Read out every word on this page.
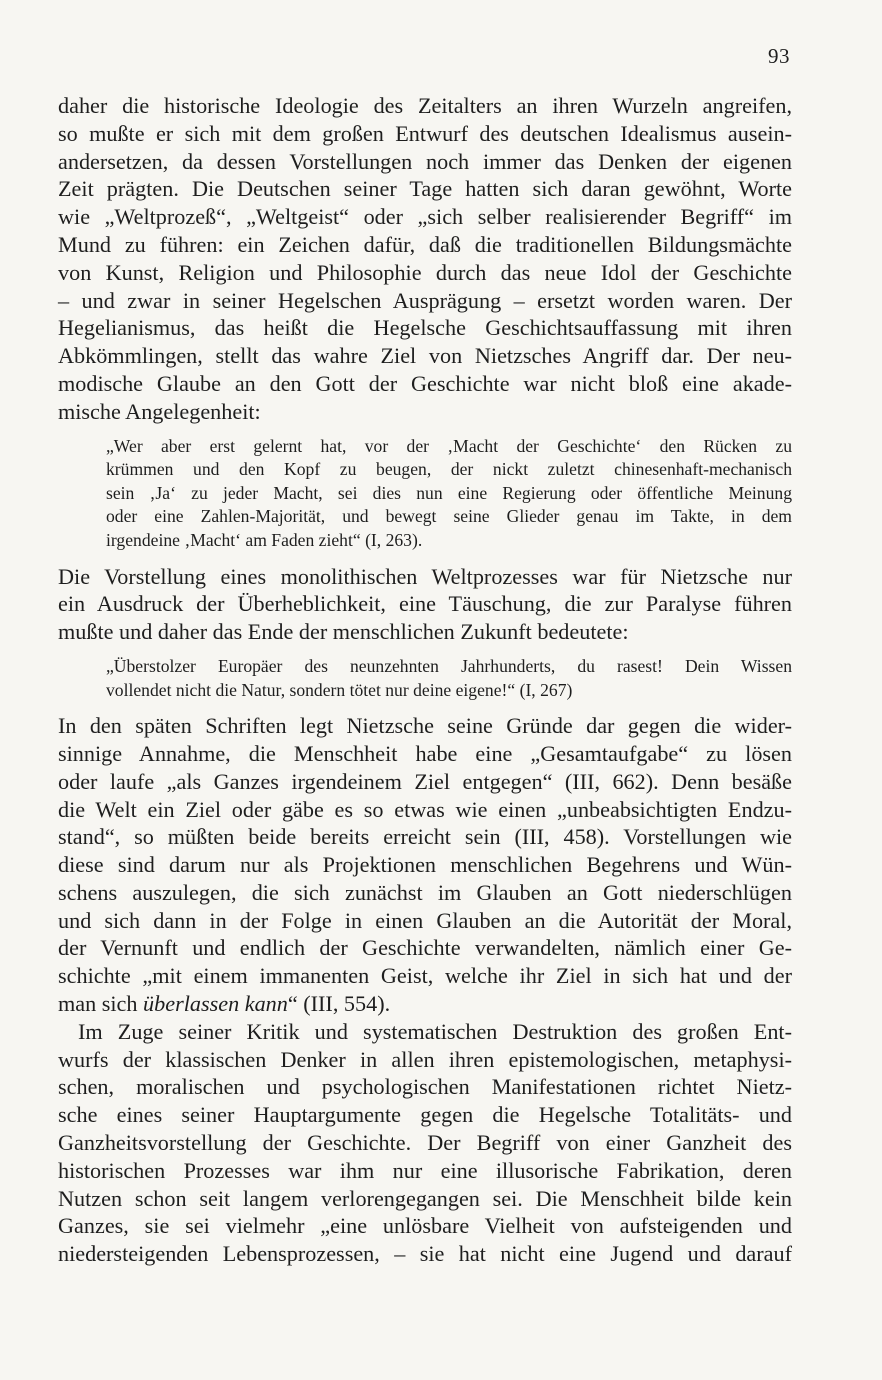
93
daher die historische Ideologie des Zeitalters an ihren Wurzeln angreifen,
so mußte er sich mit dem großen Entwurf des deutschen Idealismus ausein-
andersetzen, da dessen Vorstellungen noch immer das Denken der eigenen
Zeit prägten. Die Deutschen seiner Tage hatten sich daran gewöhnt, Worte
wie „Weltprozeß“, „Weltgeist“ oder „sich selber realisierender Begriff“ im
Mund zu führen: ein Zeichen dafür, daß die traditionellen Bildungsmächte
von Kunst, Religion und Philosophie durch das neue Idol der Geschichte
– und zwar in seiner Hegelschen Ausprägung – ersetzt worden waren. Der
Hegelianismus, das heißt die Hegelsche Geschichtsauffassung mit ihren
Abkömmlingen, stellt das wahre Ziel von Nietzsches Angriff dar. Der neu-
modische Glaube an den Gott der Geschichte war nicht bloß eine akade-
mische Angelegenheit:
„Wer aber erst gelernt hat, vor der ‚Macht der Geschichte‘ den Rücken zu
krümmen und den Kopf zu beugen, der nickt zuletzt chinesenhaft-mechanisch
sein ‚Ja‘ zu jeder Macht, sei dies nun eine Regierung oder öffentliche Meinung
oder eine Zahlen-Majorität, und bewegt seine Glieder genau im Takte, in dem
irgendeine ‚Macht‘ am Faden zieht“ (I, 263).
Die Vorstellung eines monolithischen Weltprozesses war für Nietzsche nur
ein Ausdruck der Überheblichkeit, eine Täuschung, die zur Paralyse führen
mußte und daher das Ende der menschlichen Zukunft bedeutete:
„Überstolzer Europäer des neunzehnten Jahrhunderts, du rasest! Dein Wissen
vollendet nicht die Natur, sondern tötet nur deine eigene!“ (I, 267)
In den späten Schriften legt Nietzsche seine Gründe dar gegen die wider-
sinnige Annahme, die Menschheit habe eine „Gesamtaufgabe“ zu lösen
oder laufe „als Ganzes irgendeinem Ziel entgegen“ (III, 662). Denn besäße
die Welt ein Ziel oder gäbe es so etwas wie einen „unbeabsichtigten Endzu-
stand“, so müßten beide bereits erreicht sein (III, 458). Vorstellungen wie
diese sind darum nur als Projektionen menschlichen Begehrens und Wün-
schens auszulegen, die sich zunächst im Glauben an Gott niederschlügen
und sich dann in der Folge in einen Glauben an die Autorität der Moral,
der Vernunft und endlich der Geschichte verwandelten, nämlich einer Ge-
schichte „mit einem immanenten Geist, welche ihr Ziel in sich hat und der
man sich überlassen kann“ (III, 554).
Im Zuge seiner Kritik und systematischen Destruktion des großen Ent-
wurfs der klassischen Denker in allen ihren epistemologischen, metaphysi-
schen, moralischen und psychologischen Manifestationen richtet Nietz-
sche eines seiner Hauptargumente gegen die Hegelsche Totalitäts- und
Ganzheitsvorstellung der Geschichte. Der Begriff von einer Ganzheit des
historischen Prozesses war ihm nur eine illusorische Fabrikation, deren
Nutzen schon seit langem verlorengegangen sei. Die Menschheit bilde kein
Ganzes, sie sei vielmehr „eine unlösbare Vielheit von aufsteigenden und
niedersteigenden Lebensprozessen, – sie hat nicht eine Jugend und darauf
